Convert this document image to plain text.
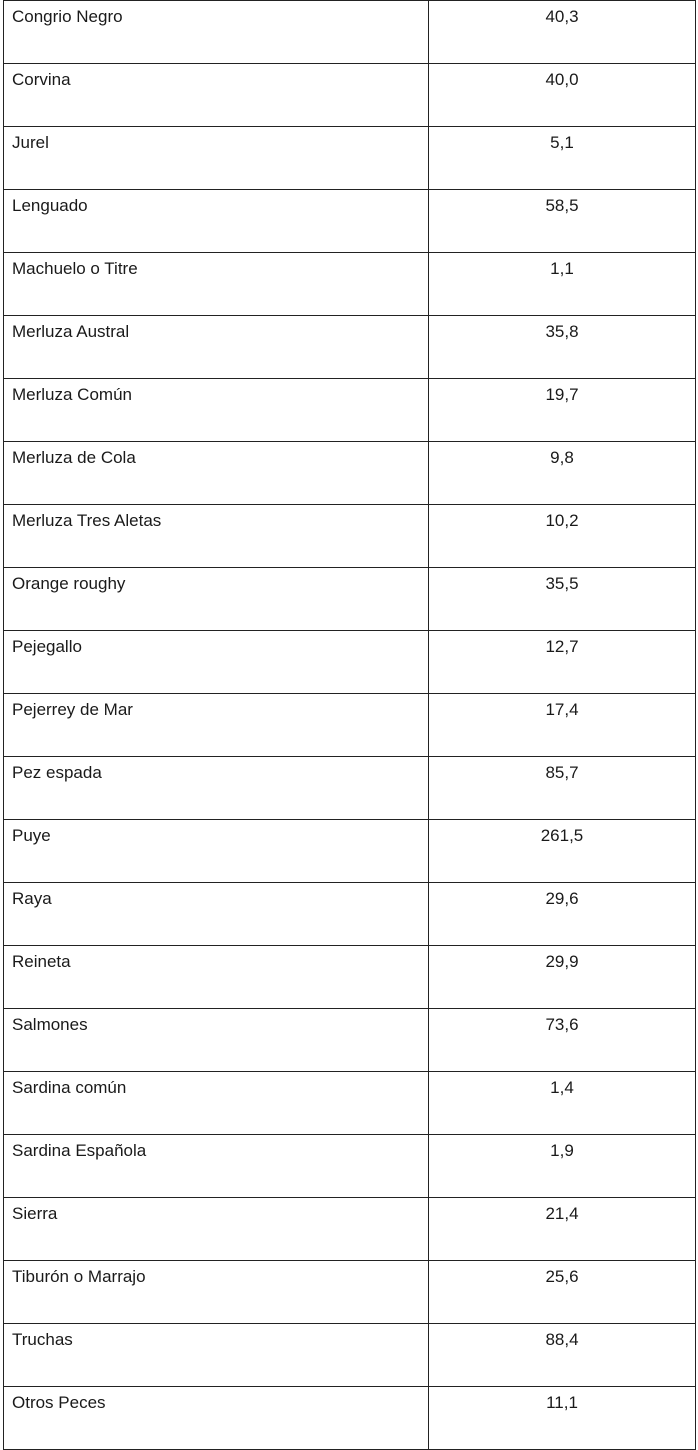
Congrio Negro	40,3
Corvina	40,0
Jurel	5,1
Lenguado	58,5
Machuelo o Titre	1,1
Merluza Austral	35,8
Merluza Común	19,7
Merluza de Cola	9,8
Merluza Tres Aletas	10,2
Orange roughy	35,5
Pejegallo	12,7
Pejerrey de Mar	17,4
Pez espada	85,7
Puye	261,5
Raya	29,6
Reineta	29,9
Salmones	73,6
Sardina común	1,4
Sardina Española	1,9
Sierra	21,4
Tiburón o Marrajo	25,6
Truchas	88,4
Otros Peces	11,1
